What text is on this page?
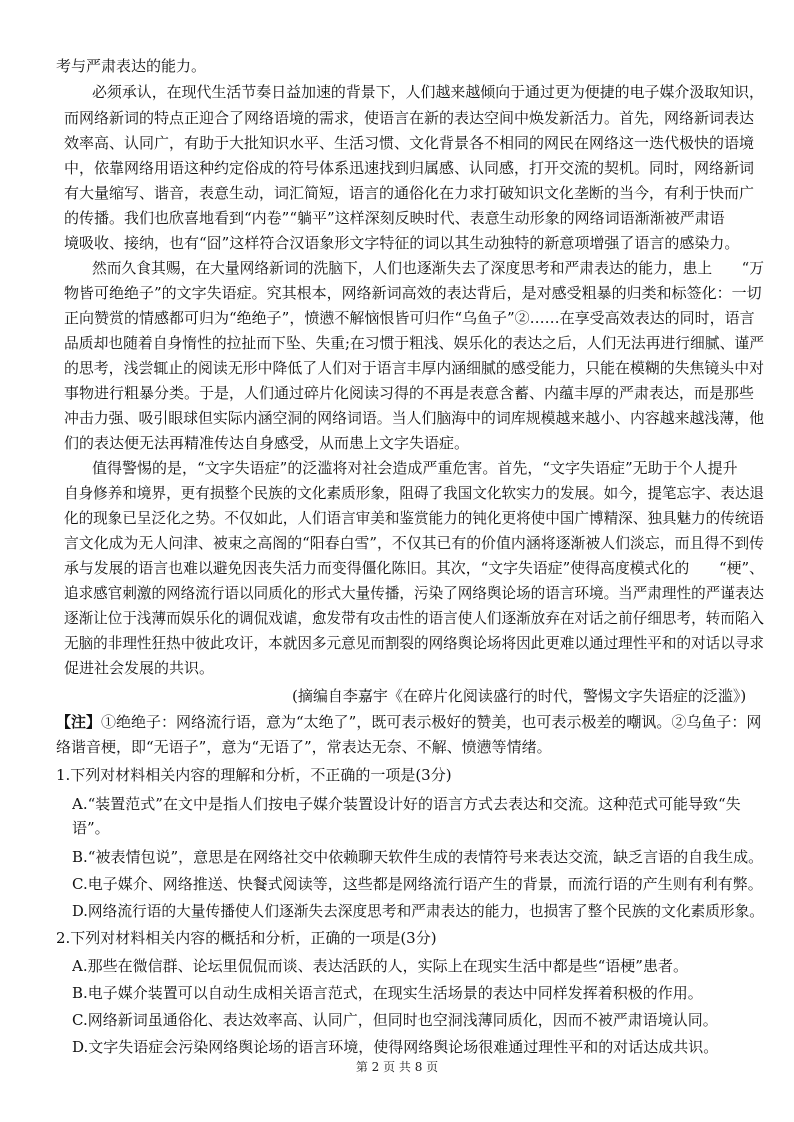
考与严肃表达的能力。
必须承认，在现代生活节奏日益加速的背景下，人们越来越倾向于通过更为便捷的电子媒介汲取知识，
而网络新词的特点正迎合了网络语境的需求，使语言在新的表达空间中焕发新活力。首先，网络新词表达
效率高、认同广，有助于大批知识水平、生活习惯、文化背景各不相同的网民在网络这一迭代极快的语境
中，依靠网络用语这种约定俗成的符号体系迅速找到归属感、认同感，打开交流的契机。同时，网络新词
有大量缩写、谐音，表意生动，词汇简短，语言的通俗化在力求打破知识文化垄断的当今，有利于快而广
的传播。我们也欣喜地看到“内卷”“躺平”这样深刻反映时代、表意生动形象的网络词语渐渐被严肃语
境吸收、接纳，也有“囧”这样符合汉语象形文字特征的词以其生动独特的新意项增强了语言的感染力。
然而久食其赐，在大量网络新词的洗脑下，人们也逐渐失去了深度思考和严肃表达的能力，患上　　“万
物皆可绝绝子”的文字失语症。究其根本，网络新词高效的表达背后，是对感受粗暴的归类和标签化：一切
正向赞赏的情感都可归为“绝绝子”，愤懑不解恼恨皆可归作“乌鱼子”②……在享受高效表达的同时，语言
品质却也随着自身惰性的拉扯而下坠、失重;在习惯于粗浅、娱乐化的表达之后，人们无法再进行细腻、谨严
的思考，浅尝辄止的阅读无形中降低了人们对于语言丰厚内涵细腻的感受能力，只能在模糊的失焦镜头中对
事物进行粗暴分类。于是，人们通过碎片化阅读习得的不再是表意含蓄、内蕴丰厚的严肃表达，而是那些
冲击力强、吸引眼球但实际内涵空洞的网络词语。当人们脑海中的词库规模越来越小、内容越来越浅薄，他
们的表达便无法再精准传达自身感受，从而患上文字失语症。
值得警惕的是，“文字失语症”的泛滥将对社会造成严重危害。首先，“文字失语症”无助于个人提升
自身修养和境界，更有损整个民族的文化素质形象，阻碍了我国文化软实力的发展。如今，提笔忘字、表达退
化的现象已呈泛化之势。不仅如此，人们语言审美和鉴赏能力的钝化更将使中国广博精深、独具魅力的传统语
言文化成为无人问津、被束之高阁的“阳春白雪”，不仅其已有的价值内涵将逐渐被人们淡忘，而且得不到传
承与发展的语言也难以避免因丧失活力而变得僵化陈旧。其次，“文字失语症”使得高度模式化的　　“梗”、
追求感官刺激的网络流行语以同质化的形式大量传播，污染了网络舆论场的语言环境。当严肃理性的严谨表达
逐渐让位于浅薄而娱乐化的调侃戏谑，愈发带有攻击性的语言使人们逐渐放弃在对话之前仔细思考，转而陷入
无脑的非理性狂热中彼此攻讦，本就因多元意见而割裂的网络舆论场将因此更难以通过理性平和的对话以寻求
促进社会发展的共识。
(摘编自李嘉宇《在碎片化阅读盛行的时代，警惕文字失语症的泛滥》)
【注】①绝绝子：网络流行语，意为“太绝了”，既可表示极好的赞美，也可表示极差的嘲讽。②乌鱼子：网
络谐音梗，即“无语子”，意为“无语了”，常表达无奈、不解、愤懑等情绪。
1.下列对材料相关内容的理解和分析，不正确的一项是(3分)
A.“装置范式”在文中是指人们按电子媒介装置设计好的语言方式去表达和交流。这种范式可能导致“失
语”。
B.“被表情包说”，意思是在网络社交中依赖聊天软件生成的表情符号来表达交流，缺乏言语的自我生成。
C.电子媒介、网络推送、快餐式阅读等，这些都是网络流行语产生的背景，而流行语的产生则有利有弊。
D.网络流行语的大量传播使人们逐渐失去深度思考和严肃表达的能力，也损害了整个民族的文化素质形象。
2.下列对材料相关内容的概括和分析，正确的一项是(3分)
A.那些在微信群、论坛里侃侃而谈、表达活跃的人，实际上在现实生活中都是些“语梗”患者。
B.电子媒介装置可以自动生成相关语言范式，在现实生活场景的表达中同样发挥着积极的作用。
C.网络新词虽通俗化、表达效率高、认同广，但同时也空洞浅薄同质化，因而不被严肃语境认同。
D.文字失语症会污染网络舆论场的语言环境，使得网络舆论场很难通过理性平和的对话达成共识。
第 2 页 共 8 页
